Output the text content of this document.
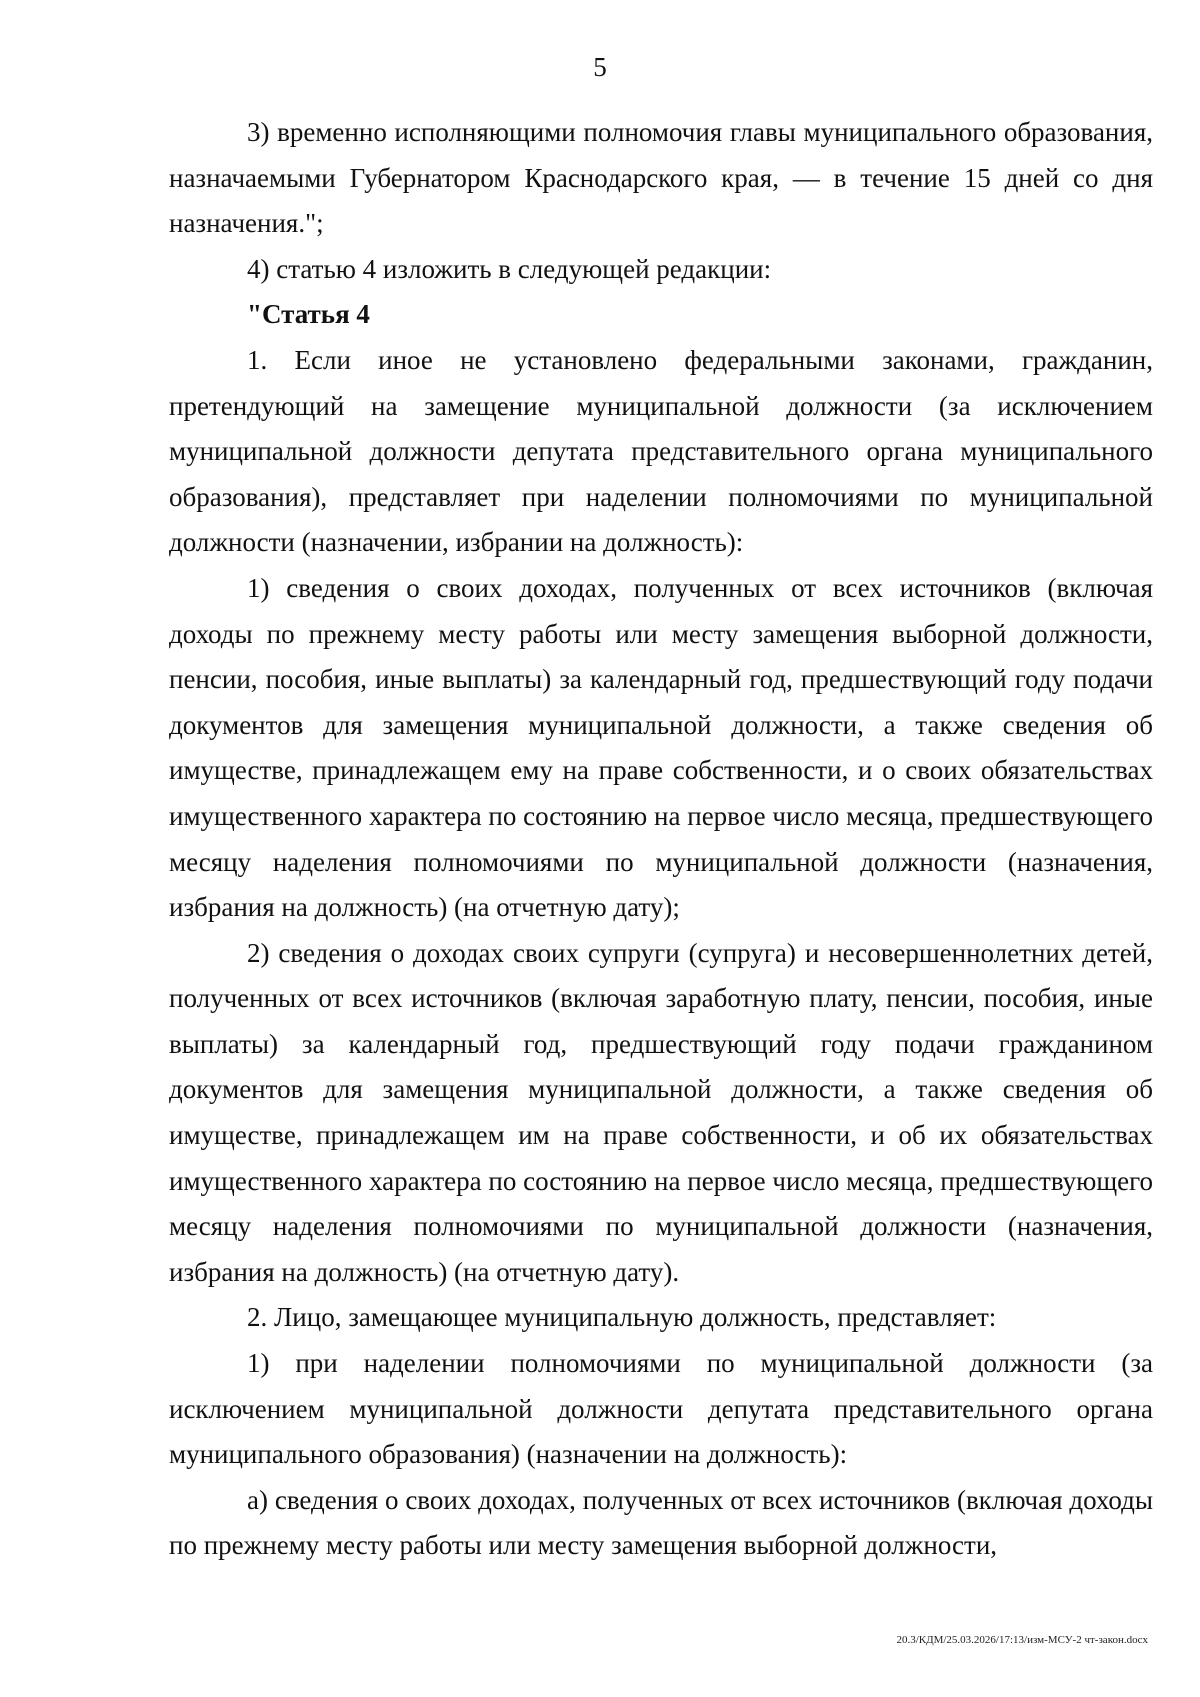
5

3) временно исполняющими полномочия главы муниципального образования, назначаемыми Губернатором Краснодарского края, — в течение 15 дней со дня назначения.";

4) статью 4 изложить в следующей редакции:

"Статья 4

1. Если иное не установлено федеральными законами, гражданин, претендующий на замещение муниципальной должности (за исключением муниципальной должности депутата представительного органа муниципального образования), представляет при наделении полномочиями по муниципальной должности (назначении, избрании на должность):

1) сведения о своих доходах, полученных от всех источников (включая доходы по прежнему месту работы или месту замещения выборной должности, пенсии, пособия, иные выплаты) за календарный год, предшествующий году подачи документов для замещения муниципальной должности, а также сведения об имуществе, принадлежащем ему на праве собственности, и о своих обязательствах имущественного характера по состоянию на первое число месяца, предшествующего месяцу наделения полномочиями по муниципальной должности (назначения, избрания на должность) (на отчетную дату);

2) сведения о доходах своих супруги (супруга) и несовершеннолетних детей, полученных от всех источников (включая заработную плату, пенсии, пособия, иные выплаты) за календарный год, предшествующий году подачи гражданином документов для замещения муниципальной должности, а также сведения об имуществе, принадлежащем им на праве собственности, и об их обязательствах имущественного характера по состоянию на первое число месяца, предшествующего месяцу наделения полномочиями по муниципальной должности (назначения, избрания на должность) (на отчетную дату).

2. Лицо, замещающее муниципальную должность, представляет:

1) при наделении полномочиями по муниципальной должности (за исключением муниципальной должности депутата представительного органа муниципального образования) (назначении на должность):

а) сведения о своих доходах, полученных от всех источников (включая доходы по прежнему месту работы или месту замещения выборной должности,

20.3/КДМ/25.03.2026/17:13/изм-МСУ-2 чт-закон.docx
